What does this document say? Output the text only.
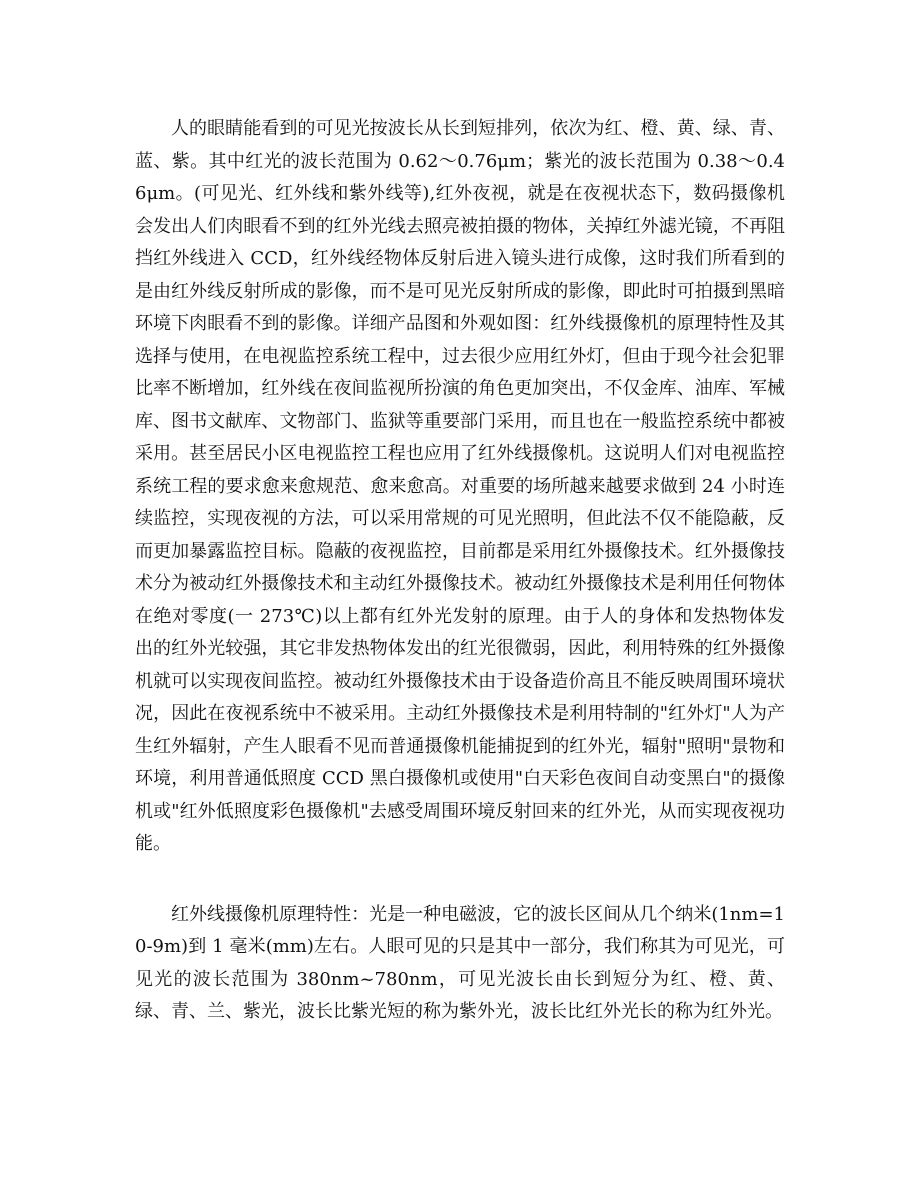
人的眼睛能看到的可见光按波长从长到短排列，依次为红、橙、黄、绿、青、蓝、紫。其中红光的波长范围为 0.62～0.76μm；紫光的波长范围为 0.38～0.46μm。(可见光、红外线和紫外线等),红外夜视，就是在夜视状态下，数码摄像机会发出人们肉眼看不到的红外光线去照亮被拍摄的物体，关掉红外滤光镜，不再阻挡红外线进入 CCD，红外线经物体反射后进入镜头进行成像，这时我们所看到的是由红外线反射所成的影像，而不是可见光反射所成的影像，即此时可拍摄到黑暗环境下肉眼看不到的影像。详细产品图和外观如图：红外线摄像机的原理特性及其选择与使用，在电视监控系统工程中，过去很少应用红外灯，但由于现今社会犯罪比率不断增加，红外线在夜间监视所扮演的角色更加突出，不仅金库、油库、军械库、图书文献库、文物部门、监狱等重要部门采用，而且也在一般监控系统中都被采用。甚至居民小区电视监控工程也应用了红外线摄像机。这说明人们对电视监控系统工程的要求愈来愈规范、愈来愈高。对重要的场所越来越要求做到 24 小时连续监控，实现夜视的方法，可以采用常规的可见光照明，但此法不仅不能隐蔽，反而更加暴露监控目标。隐蔽的夜视监控，目前都是采用红外摄像技术。红外摄像技术分为被动红外摄像技术和主动红外摄像技术。被动红外摄像技术是利用任何物体在绝对零度(一 273℃)以上都有红外光发射的原理。由于人的身体和发热物体发出的红外光较强，其它非发热物体发出的红光很微弱，因此，利用特殊的红外摄像机就可以实现夜间监控。被动红外摄像技术由于设备造价高且不能反映周围环境状况，因此在夜视系统中不被采用。主动红外摄像技术是利用特制的"红外灯"人为产生红外辐射，产生人眼看不见而普通摄像机能捕捉到的红外光，辐射"照明"景物和环境，利用普通低照度 CCD 黑白摄像机或使用"白天彩色夜间自动变黑白"的摄像机或"红外低照度彩色摄像机"去感受周围环境反射回来的红外光，从而实现夜视功能。

红外线摄像机原理特性：光是一种电磁波，它的波长区间从几个纳米(1nm=10-9m)到 1 毫米(mm)左右。人眼可见的只是其中一部分，我们称其为可见光，可见光的波长范围为 380nm~780nm，可见光波长由长到短分为红、橙、黄、绿、青、兰、紫光，波长比紫光短的称为紫外光，波长比红外光长的称为红外光。
